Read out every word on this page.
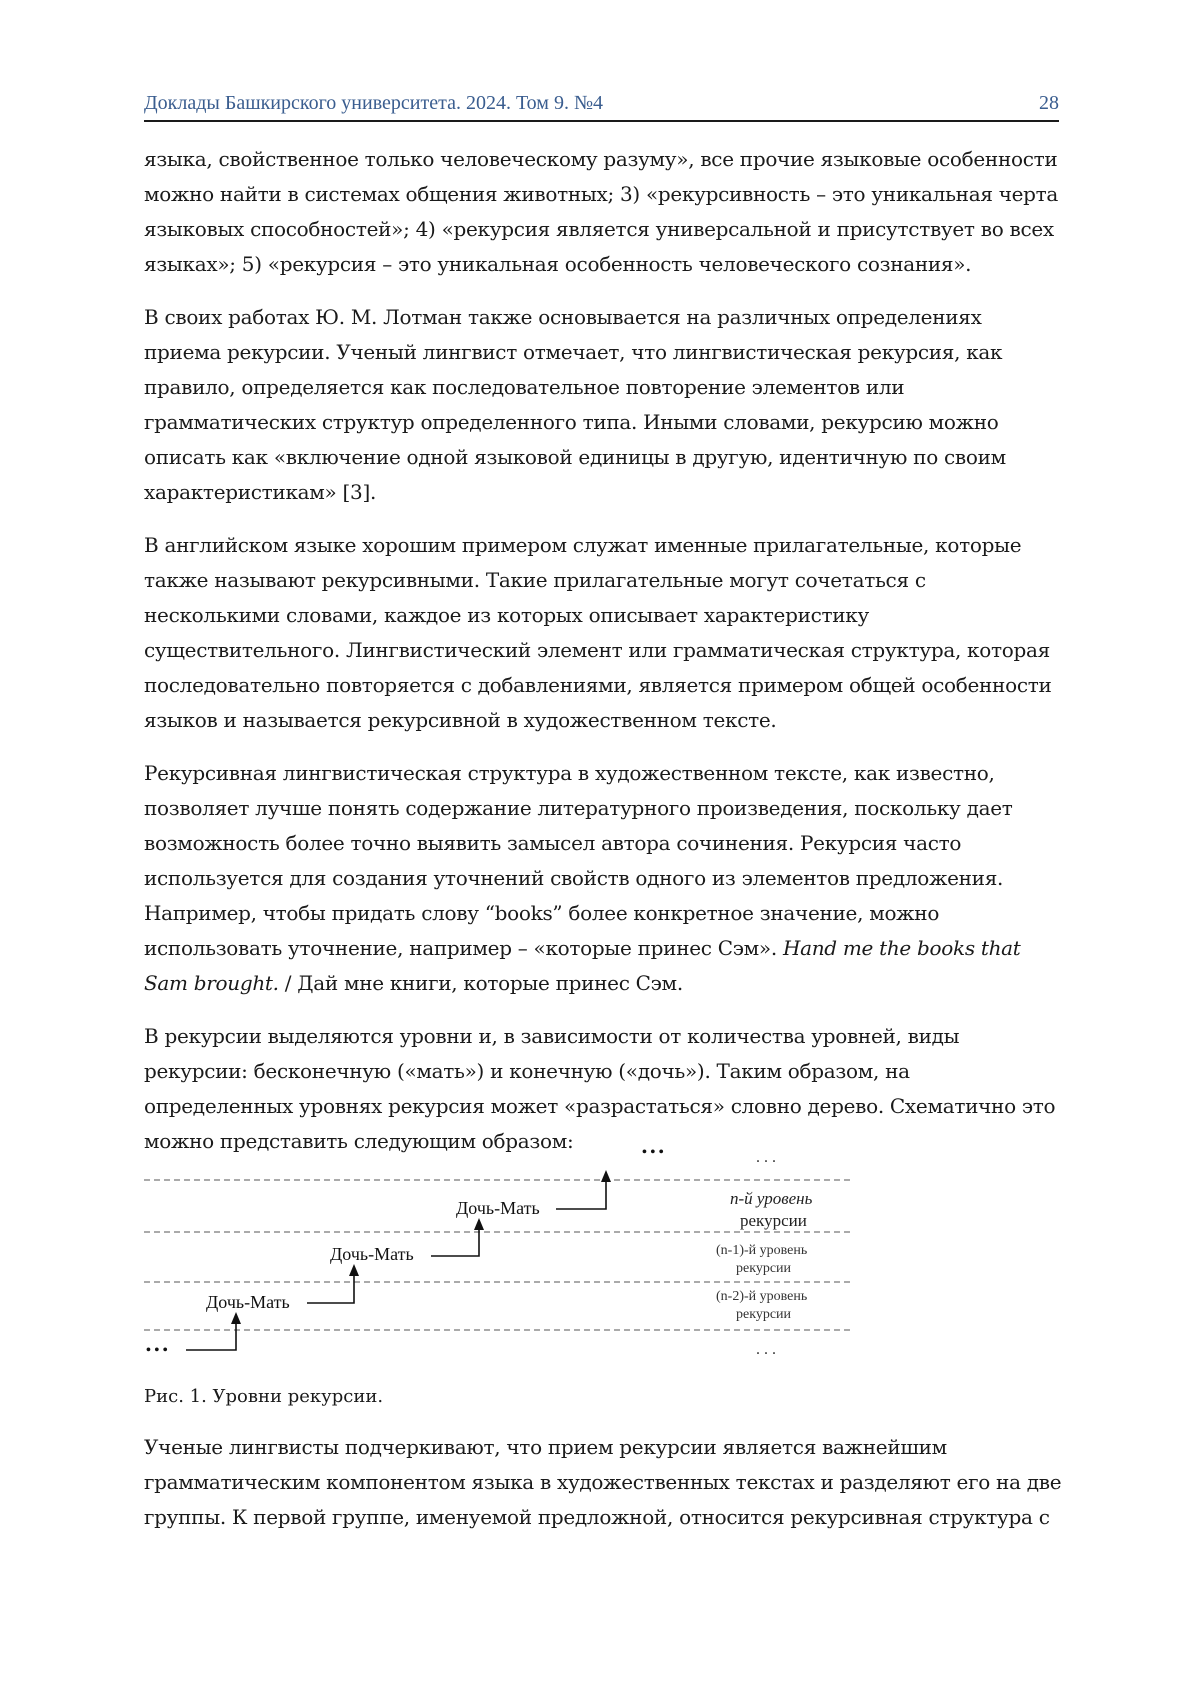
Доклады Башкирского университета. 2024. Том 9. №4	28

языка, свойственное только человеческому разуму», все прочие языковые особенности можно найти в системах общения животных; 3) «рекурсивность – это уникальная черта языковых способностей»; 4) «рекурсия является универсальной и присутствует во всех языках»; 5) «рекурсия – это уникальная особенность человеческого сознания».

В своих работах Ю. М. Лотман также основывается на различных определениях приема рекурсии. Ученый лингвист отмечает, что лингвистическая рекурсия, как правило, определяется как последовательное повторение элементов или грамматических структур определенного типа. Иными словами, рекурсию можно описать как «включение одной языковой единицы в другую, идентичную по своим характеристикам» [3].

В английском языке хорошим примером служат именные прилагательные, которые также называют рекурсивными. Такие прилагательные могут сочетаться с несколькими словами, каждое из которых описывает характеристику существительного. Лингвистический элемент или грамматическая структура, которая последовательно повторяется с добавлениями, является примером общей особенности языков и называется рекурсивной в художественном тексте.

Рекурсивная лингвистическая структура в художественном тексте, как известно, позволяет лучше понять содержание литературного произведения, поскольку дает возможность более точно выявить замысел автора сочинения. Рекурсия часто используется для создания уточнений свойств одного из элементов предложения. Например, чтобы придать слову “books” более конкретное значение, можно использовать уточнение, например – «которые принес Сэм». Hand me the books that Sam brought. / Дай мне книги, которые принес Сэм.

В рекурсии выделяются уровни и, в зависимости от количества уровней, виды рекурсии: бесконечную («мать») и конечную («дочь»). Таким образом, на определенных уровнях рекурсия может «разрастаться» словно дерево. Схематично это можно представить следующим образом:	• • •
• • •
. . .
. . .
Дочь-Мать
Дочь-Мать
Дочь-Мать	n-й уровень
рекурсии
(n-1)-й уровень
рекурсии
(n-2)-й уровень
рекурсии
Рис. 1. Уровни рекурсии.

Ученые лингвисты подчеркивают, что прием рекурсии является важнейшим грамматическим компонентом языка в художественных текстах и разделяют его на две группы. К первой группе, именуемой предложной, относится рекурсивная структура с
